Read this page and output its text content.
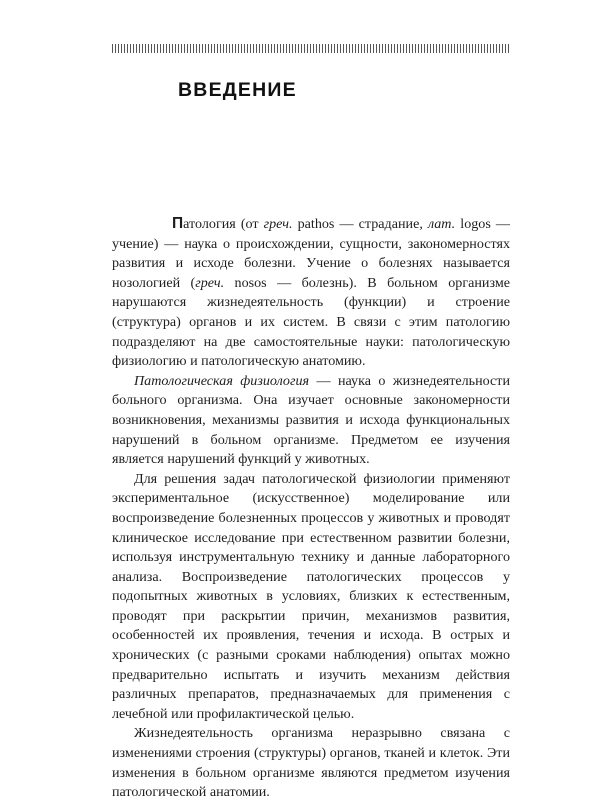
ВВЕДЕНИЕ

Патология (от греч. pathos — страдание, лат. logos — учение) — наука о происхождении, сущности, закономерностях развития и исходе болезни. Учение о болезнях называется нозологией (греч. nosos — болезнь). В больном организме нарушаются жизнедеятельность (функции) и строение (структура) органов и их систем. В связи с этим патологию подразделяют на две самостоятельные науки: патологическую физиологию и патологическую анатомию.

Патологическая физиология — наука о жизнедеятельности больного организма. Она изучает основные закономерности возникновения, механизмы развития и исхода функциональных нарушений в больном организме. Предметом ее изучения является нарушений функций у животных.

Для решения задач патологической физиологии применяют экспериментальное (искусственное) моделирование или воспроизведение болезненных процессов у животных и проводят клиническое исследование при естественном развитии болезни, используя инструментальную технику и данные лабораторного анализа. Воспроизведение патологических процессов у подопытных животных в условиях, близких к естественным, проводят при раскрытии причин, механизмов развития, особенностей их проявления, течения и исхода. В острых и хронических (с разными сроками наблюдения) опытах можно предварительно испытать и изучить механизм действия различных препаратов, предназначаемых для применения с лечебной или профилактической целью.

Жизнедеятельность организма неразрывно связана с изменениями строения (структуры) органов, тканей и клеток. Эти изменения в больном организме являются предметом изучения патологической анатомии.
